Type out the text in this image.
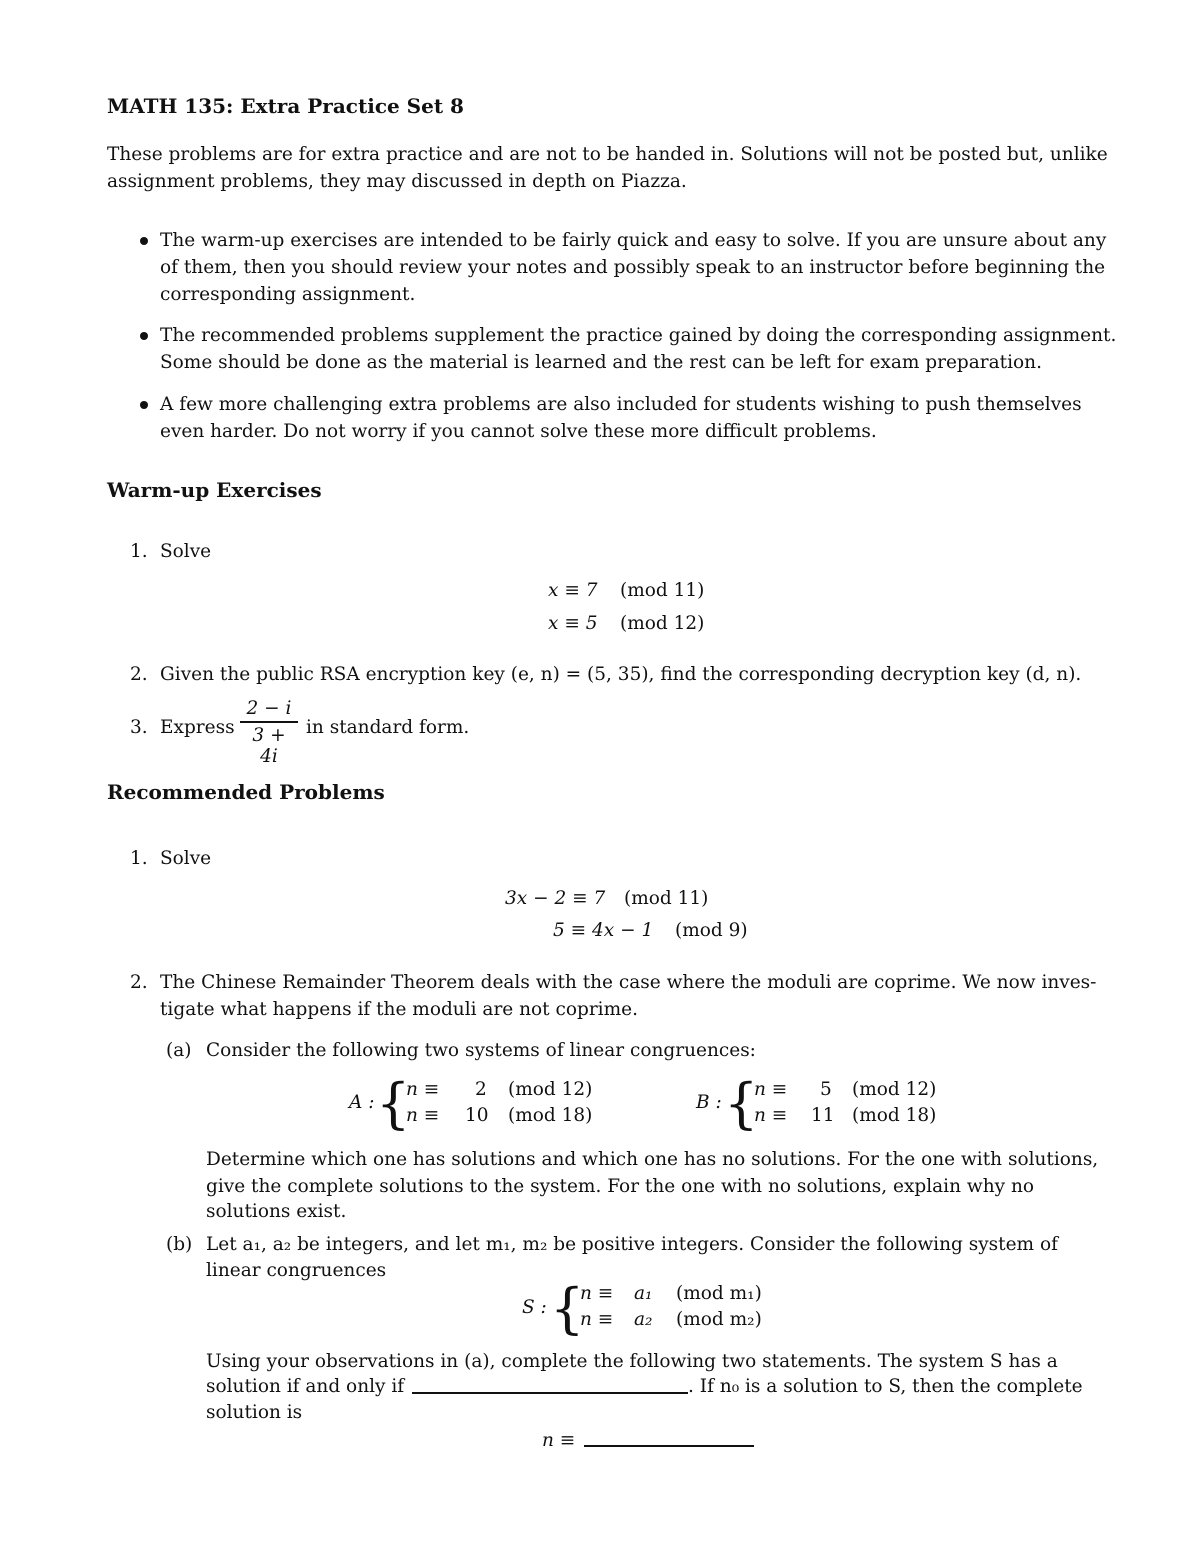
MATH 135: Extra Practice Set 8
These problems are for extra practice and are not to be handed in. Solutions will not be posted but, unlike
assignment problems, they may discussed in depth on Piazza.
The warm-up exercises are intended to be fairly quick and easy to solve. If you are unsure about any
of them, then you should review your notes and possibly speak to an instructor before beginning the
corresponding assignment.
The recommended problems supplement the practice gained by doing the corresponding assignment.
Some should be done as the material is learned and the rest can be left for exam preparation.
A few more challenging extra problems are also included for students wishing to push themselves
even harder. Do not worry if you cannot solve these more difficult problems.
Warm-up Exercises
1. Solve
x ≡ 7 (mod 11)
x ≡ 5 (mod 12)
2. Given the public RSA encryption key (e, n) = (5, 35), find the corresponding decryption key (d, n).
3. Express
2 − i
3 + 4i
in standard form.
Recommended Problems
1. Solve
3x − 2 ≡ 7 (mod 11)
5 ≡ 4x − 1 (mod 9)
2. The Chinese Remainder Theorem deals with the case where the moduli are coprime. We now inves-
tigate what happens if the moduli are not coprime.
(a) Consider the following two systems of linear congruences:
A : {
n ≡ 2 (mod 12)
n ≡ 10 (mod 18)
B : {
n ≡ 5 (mod 12)
n ≡ 11 (mod 18)
Determine which one has solutions and which one has no solutions. For the one with solutions,
give the complete solutions to the system. For the one with no solutions, explain why no
solutions exist.
(b) Let a₁, a₂ be integers, and let m₁, m₂ be positive integers. Consider the following system of
linear congruences
S : {
n ≡ a₁ (mod m₁)
n ≡ a₂ (mod m₂)
Using your observations in (a), complete the following two statements. The system S has a
solution if and only if	. If n₀ is a solution to S, then the complete
solution is
n ≡
